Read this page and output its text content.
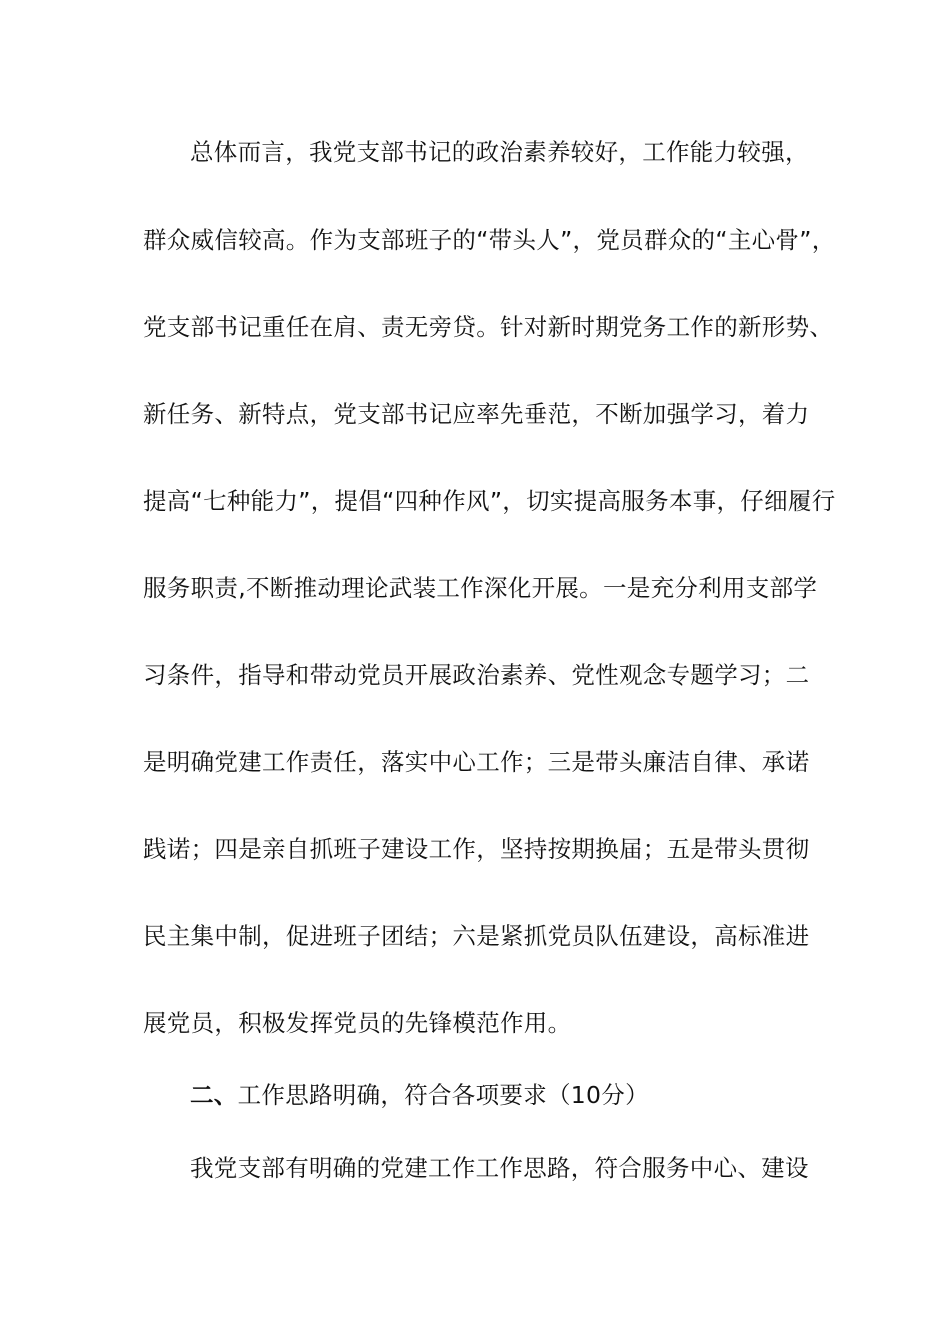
总体而言，我党支部书记的政治素养较好，工作能力较强，
群众威信较高。作为支部班子的“带头人”，党员群众的“主心骨”，
党支部书记重任在肩、责无旁贷。针对新时期党务工作的新形势、
新任务、新特点，党支部书记应率先垂范，不断加强学习，着力
提高“七种能力”，提倡“四种作风”，切实提高服务本事，仔细履行
服务职责,不断推动理论武装工作深化开展。一是充分利用支部学
习条件，指导和带动党员开展政治素养、党性观念专题学习；二
是明确党建工作责任，落实中心工作；三是带头廉洁自律、承诺
践诺；四是亲自抓班子建设工作，坚持按期换届；五是带头贯彻
民主集中制，促进班子团结；六是紧抓党员队伍建设，高标准进
展党员，积极发挥党员的先锋模范作用。
二、工作思路明确，符合各项要求（10分）
我党支部有明确的党建工作工作思路，符合服务中心、建设
